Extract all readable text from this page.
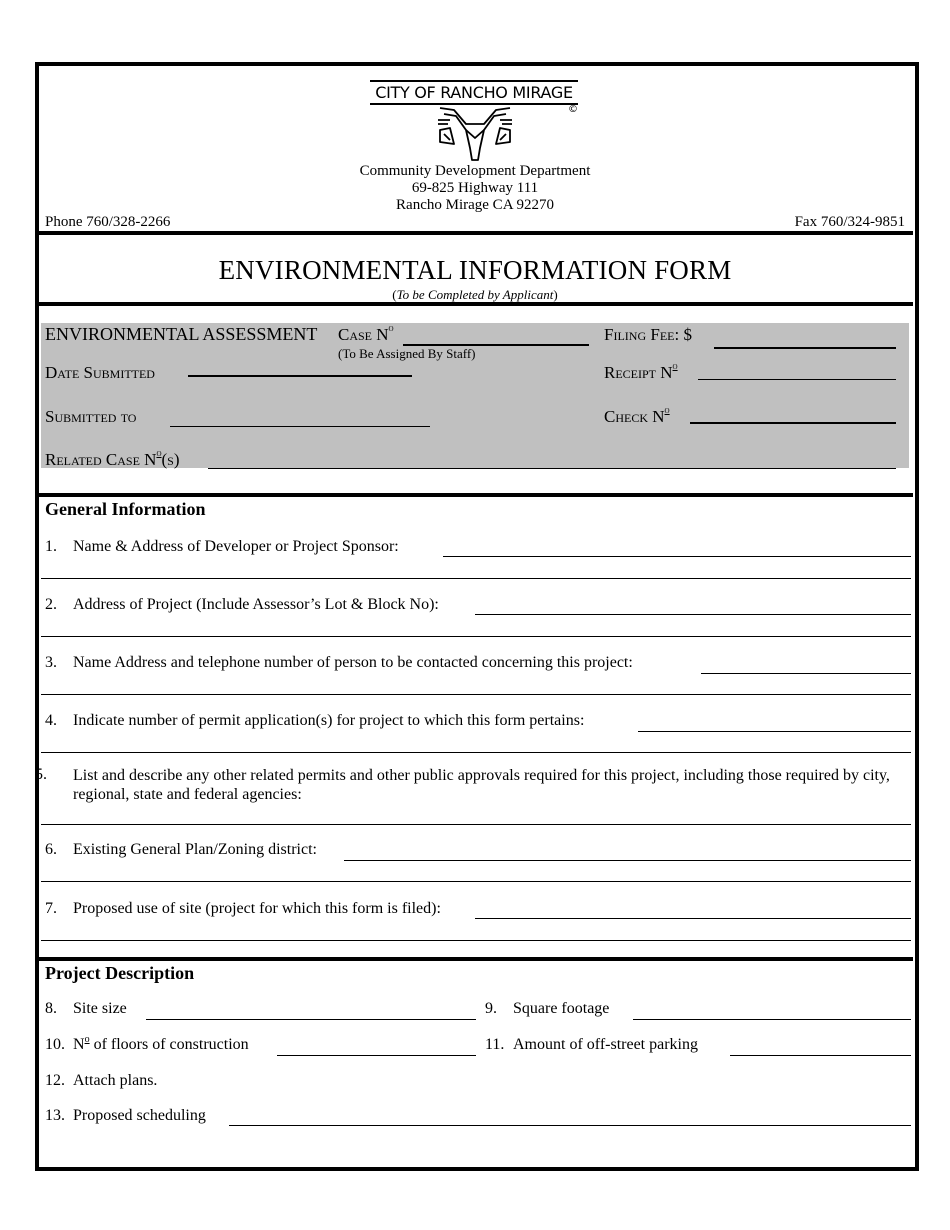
CITY OF RANCHO MIRAGE
©
Community Development Department
69-825 Highway 111
Rancho Mirage CA 92270
Phone 760/328-2266	Fax 760/324-9851
ENVIRONMENTAL INFORMATION FORM
(To be Completed by Applicant)
ENVIRONMENTAL ASSESSMENT Case $N^o$
(To Be Assigned By Staff)
Filing Fee: $
Date Submitted	Receipt $N^o$
Submitted to	Check $N^o$
Related Case $N^o(s)$
General Information
1. Name & Address of Developer or Project Sponsor:
2. Address of Project (Include Assessor’s Lot & Block No):
3. Name Address and telephone number of person to be contacted concerning this project:
4. Indicate number of permit application(s) for project to which this form pertains:
5. List and describe any other related permits and other public approvals required for this project, including those required by city, regional, state and federal agencies:
6. Existing General Plan/Zoning district:
7. Proposed use of site (project for which this form is filed):
Project Description
8. Site size	9. Square footage
10. $N^o$ of floors of construction	11. Amount of off-street parking
12. Attach plans.
13. Proposed scheduling
